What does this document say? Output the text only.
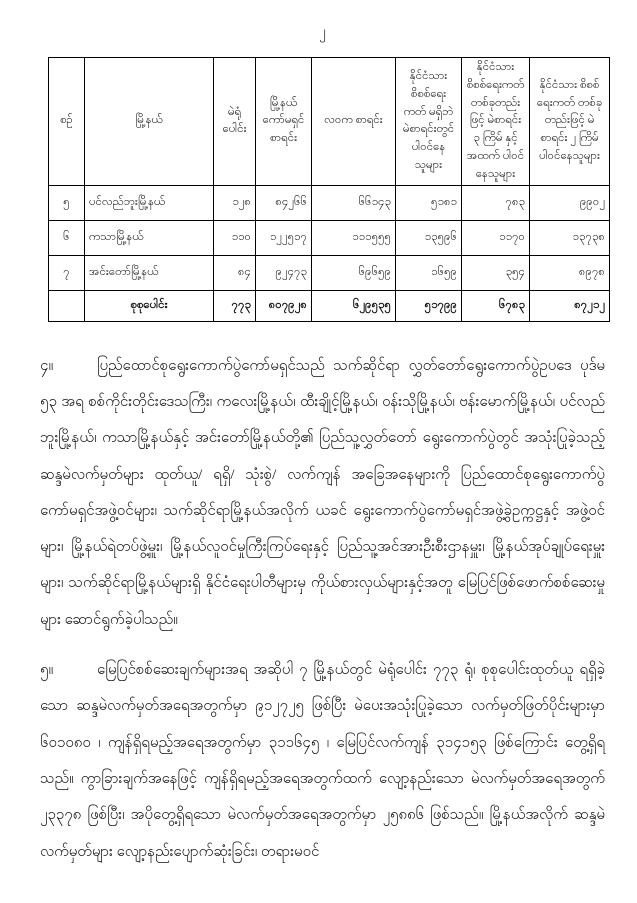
၂
စဉ်	မြို့နယ်	မဲရုံ ပေါင်း	မြို့နယ် ကော်မရှင် စာရင်း	လဝက စာရင်း	နိုင်ငံသား စိစစ်ရေးကတ် မရှိဘဲ မဲစာရင်းတွင် ပါဝင်နေသူများ	နိုင်ငံသား စိစစ်ရေးကတ် တစ်ခုတည်းဖြင့် မဲစာရင်း ၃ ကြိမ် နှင့်အထက် ပါဝင်နေသူများ	နိုင်ငံသား စိစစ်ရေးကတ် တစ်ခုတည်းဖြင့် မဲစာရင်း ၂ ကြိမ် ပါဝင်နေသူများ
၅	ပင်လည်ဘူးမြို့နယ်	၁၂၈	၈၄၂၆၆	၆၆၁၄၃	၅၁၈၁	၇၈၃	၉၉၀၂
၆	ကသာမြို့နယ်	၁၁၀	၁၂၂၅၁၇	၁၁၁၅၅၅	၁၃၅၉၆	၁၁၇၀	၁၃၇၃၈
၇	အင်းတော်မြို့နယ်	၈၄	၉၂၄၇၃	၆၉၆၅၉	၁၆၅၉	၃၅၄	၈၉၇၈
	စုစုပေါင်း	၇၇၃	၈၀၇၉၂၈	၆၂၉၅၃၅	၅၁၇၉၉	၆၇၈၃	၈၇၂၁၂
၄။	ပြည်ထောင်စုရွေးကောက်ပွဲကော်မရှင်သည် သက်ဆိုင်ရာ လွှတ်တော်ရွေးကောက်ပွဲဥပဒေ ပုဒ်မ ၅၃ အရ စစ်ကိုင်းတိုင်းဒေသကြီး၊ ကလေးမြို့နယ်၊ ထီးချိုင့်မြို့နယ်၊ ဝန်းသိုမြို့နယ်၊ ဗန်းမောက်မြို့နယ်၊ ပင်လည်ဘူးမြို့နယ်၊ ကသာမြို့နယ်နှင့် အင်းတော်မြို့နယ်တို့၏ ပြည်သူ့လွှတ်တော် ရွေးကောက်ပွဲတွင် အသုံးပြုခဲ့သည့် ဆန္ဒမဲလက်မှတ်များ ထုတ်ယူ/ ရရှိ/ သုံးစွဲ/ လက်ကျန် အခြေအနေများကို ပြည်ထောင်စုရွေးကောက်ပွဲကော်မရှင်အဖွဲ့ဝင်များ၊ သက်ဆိုင်ရာမြို့နယ်အလိုက် ယခင် ရွေးကောက်ပွဲကော်မရှင်အဖွဲ့ခွဲဥက္ကဋ္ဌနှင့် အဖွဲ့ဝင်များ၊ မြို့နယ်ရဲတပ်ဖွဲ့မှူး၊ မြို့နယ်လူဝင်မှုကြီးကြပ်ရေးနှင့် ပြည်သူ့အင်အားဦးစီးဌာနမှူး၊ မြို့နယ်အုပ်ချုပ်ရေးမှူးများ၊ သက်ဆိုင်ရာမြို့နယ်များရှိ နိုင်ငံရေးပါတီများမှ ကိုယ်စားလှယ်များနှင့်အတူ မြေပြင်ဖြစ်ဖောက်စစ်ဆေးမှုများ ဆောင်ရွက်ခဲ့ပါသည်။
၅။	မြေပြင်စစ်ဆေးချက်များအရ အဆိုပါ ၇ မြို့နယ်တွင် မဲရုံပေါင်း ၇၇၃ ရုံ၊ စုစုပေါင်းထုတ်ယူ ရရှိခဲ့သော ဆန္ဒမဲလက်မှတ်အရေအတွက်မှာ ၉၁၂၇၂၅ ဖြစ်ပြီး မဲပေးအသုံးပြုခဲ့သော လက်မှတ်ဖြတ်ပိုင်းများမှာ ၆၀၁၀၈၀ ၊ ကျန်ရှိရမည့်အရေအတွက်မှာ ၃၁၁၆၄၅ ၊ မြေပြင်လက်ကျန် ၃၁၄၁၅၃ ဖြစ်ကြောင်း တွေ့ရှိရသည်။ ကွာခြားချက်အနေဖြင့် ကျန်ရှိရမည့်အရေအတွက်ထက် လျော့နည်းသော မဲလက်မှတ်အရေအတွက် ၂၃၃၇၈ ဖြစ်ပြီး၊ အပိုတွေ့ရှိရသော မဲလက်မှတ်အရေအတွက်မှာ ၂၅၈၈၆ ဖြစ်သည်။ မြို့နယ်အလိုက် ဆန္ဒမဲလက်မှတ်များ လျော့နည်းပျောက်ဆုံးခြင်း၊ တရားမဝင်
